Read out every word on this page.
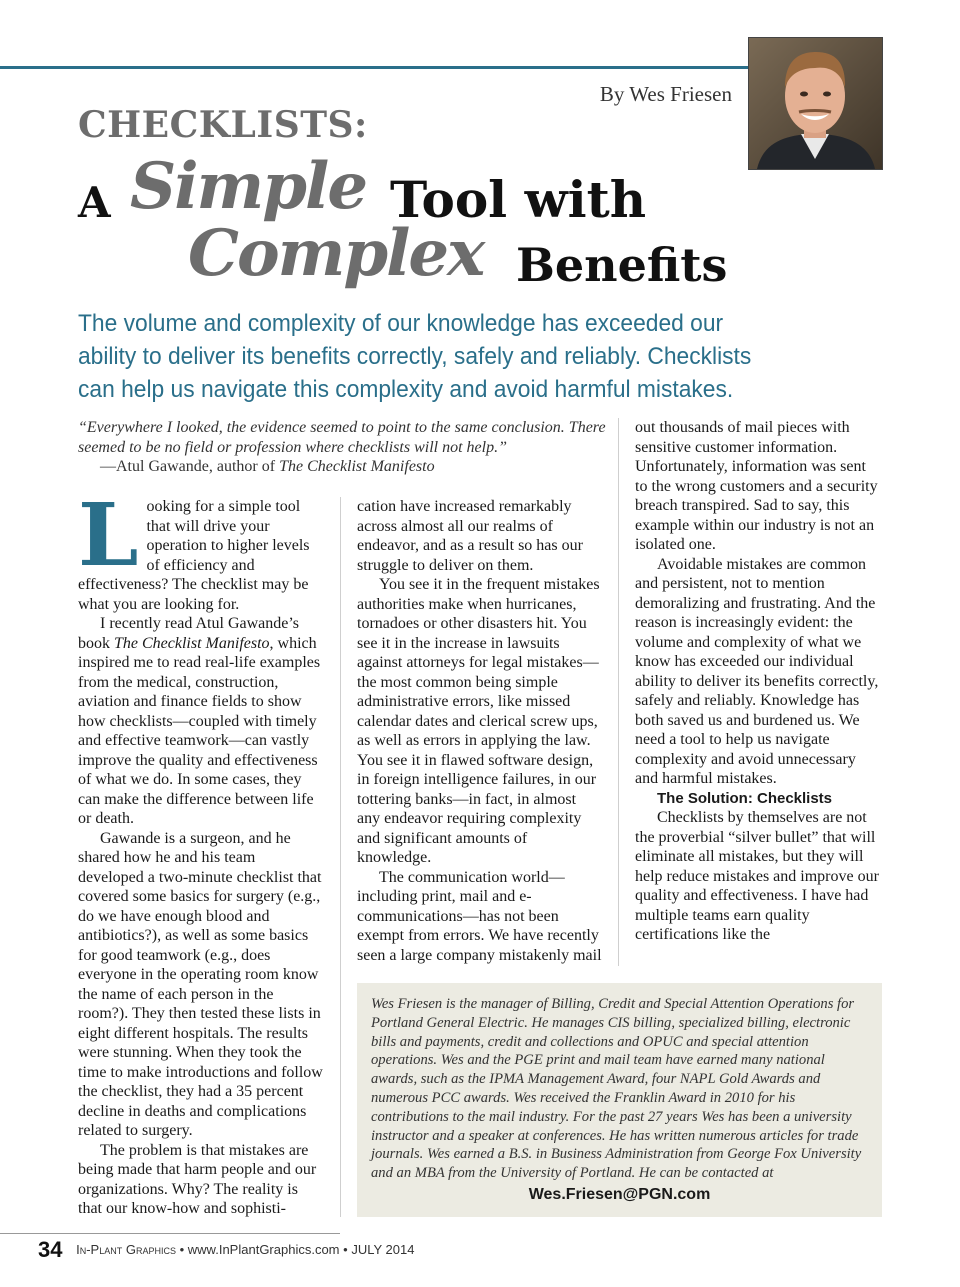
By Wes Friesen
CHECKLISTS:
A Simple Tool with
Complex Benefits
The volume and complexity of our knowledge has exceeded our ability to deliver its benefits correctly, safely and reliably. Checklists can help us navigate this complexity and avoid harmful mistakes.
“Everywhere I looked, the evidence seemed to point to the same conclusion. There seemed to be no field or profession where checklists will not help.”
—Atul Gawande, author of The Checklist Manifesto

Looking for a simple tool that will drive your operation to higher levels of efficiency and effectiveness? The checklist may be what you are looking for.

I recently read Atul Gawande’s book The Checklist Manifesto, which inspired me to read real-life examples from the medical, construction, aviation and finance fields to show how checklists—coupled with timely and effective teamwork—can vastly improve the quality and effectiveness of what we do. In some cases, they can make the difference between life or death.

Gawande is a surgeon, and he shared how he and his team developed a two-minute checklist that covered some basics for surgery (e.g., do we have enough blood and antibiotics?), as well as some basics for good teamwork (e.g., does everyone in the operating room know the name of each person in the room?). They then tested these lists in eight different hospitals. The results were stunning. When they took the time to make introductions and follow the checklist, they had a 35 percent decline in deaths and complications related to surgery.

The problem is that mistakes are being made that harm people and our organizations. Why? The reality is that our know-how and sophisti-

cation have increased remarkably across almost all our realms of endeavor, and as a result so has our struggle to deliver on them.

You see it in the frequent mistakes authorities make when hurricanes, tornadoes or other disasters hit. You see it in the increase in lawsuits against attorneys for legal mistakes—the most common being simple administrative errors, like missed calendar dates and clerical screw ups, as well as errors in applying the law. You see it in flawed software design, in foreign intelligence failures, in our tottering banks—in fact, in almost any endeavor requiring complexity and significant amounts of knowledge.

The communication world—including print, mail and e-communications—has not been exempt from errors. We have recently seen a large company mistakenly mail

out thousands of mail pieces with sensitive customer information. Unfortunately, information was sent to the wrong customers and a security breach transpired. Sad to say, this example within our industry is not an isolated one.

Avoidable mistakes are common and persistent, not to mention demoralizing and frustrating. And the reason is increasingly evident: the volume and complexity of what we know has exceeded our individual ability to deliver its benefits correctly, safely and reliably. Knowledge has both saved us and burdened us. We need a tool to help us navigate complexity and avoid unnecessary and harmful mistakes.

The Solution: Checklists

Checklists by themselves are not the proverbial “silver bullet” that will eliminate all mistakes, but they will help reduce mistakes and improve our quality and effectiveness. I have had multiple teams earn quality certifications like the

Wes Friesen is the manager of Billing, Credit and Special Attention Operations for Portland General Electric. He manages CIS billing, specialized billing, electronic bills and payments, credit and collections and OPUC and special attention operations. Wes and the PGE print and mail team have earned many national awards, such as the IPMA Management Award, four NAPL Gold Awards and numerous PCC awards. Wes received the Franklin Award in 2010 for his contributions to the mail industry. For the past 27 years Wes has been a university instructor and a speaker at conferences. He has written numerous articles for trade journals. Wes earned a B.S. in Business Administration from George Fox University and an MBA from the University of Portland. He can be contacted at
Wes.Friesen@PGN.com
34 In-Plant Graphics • www.InPlantGraphics.com • JULY 2014
